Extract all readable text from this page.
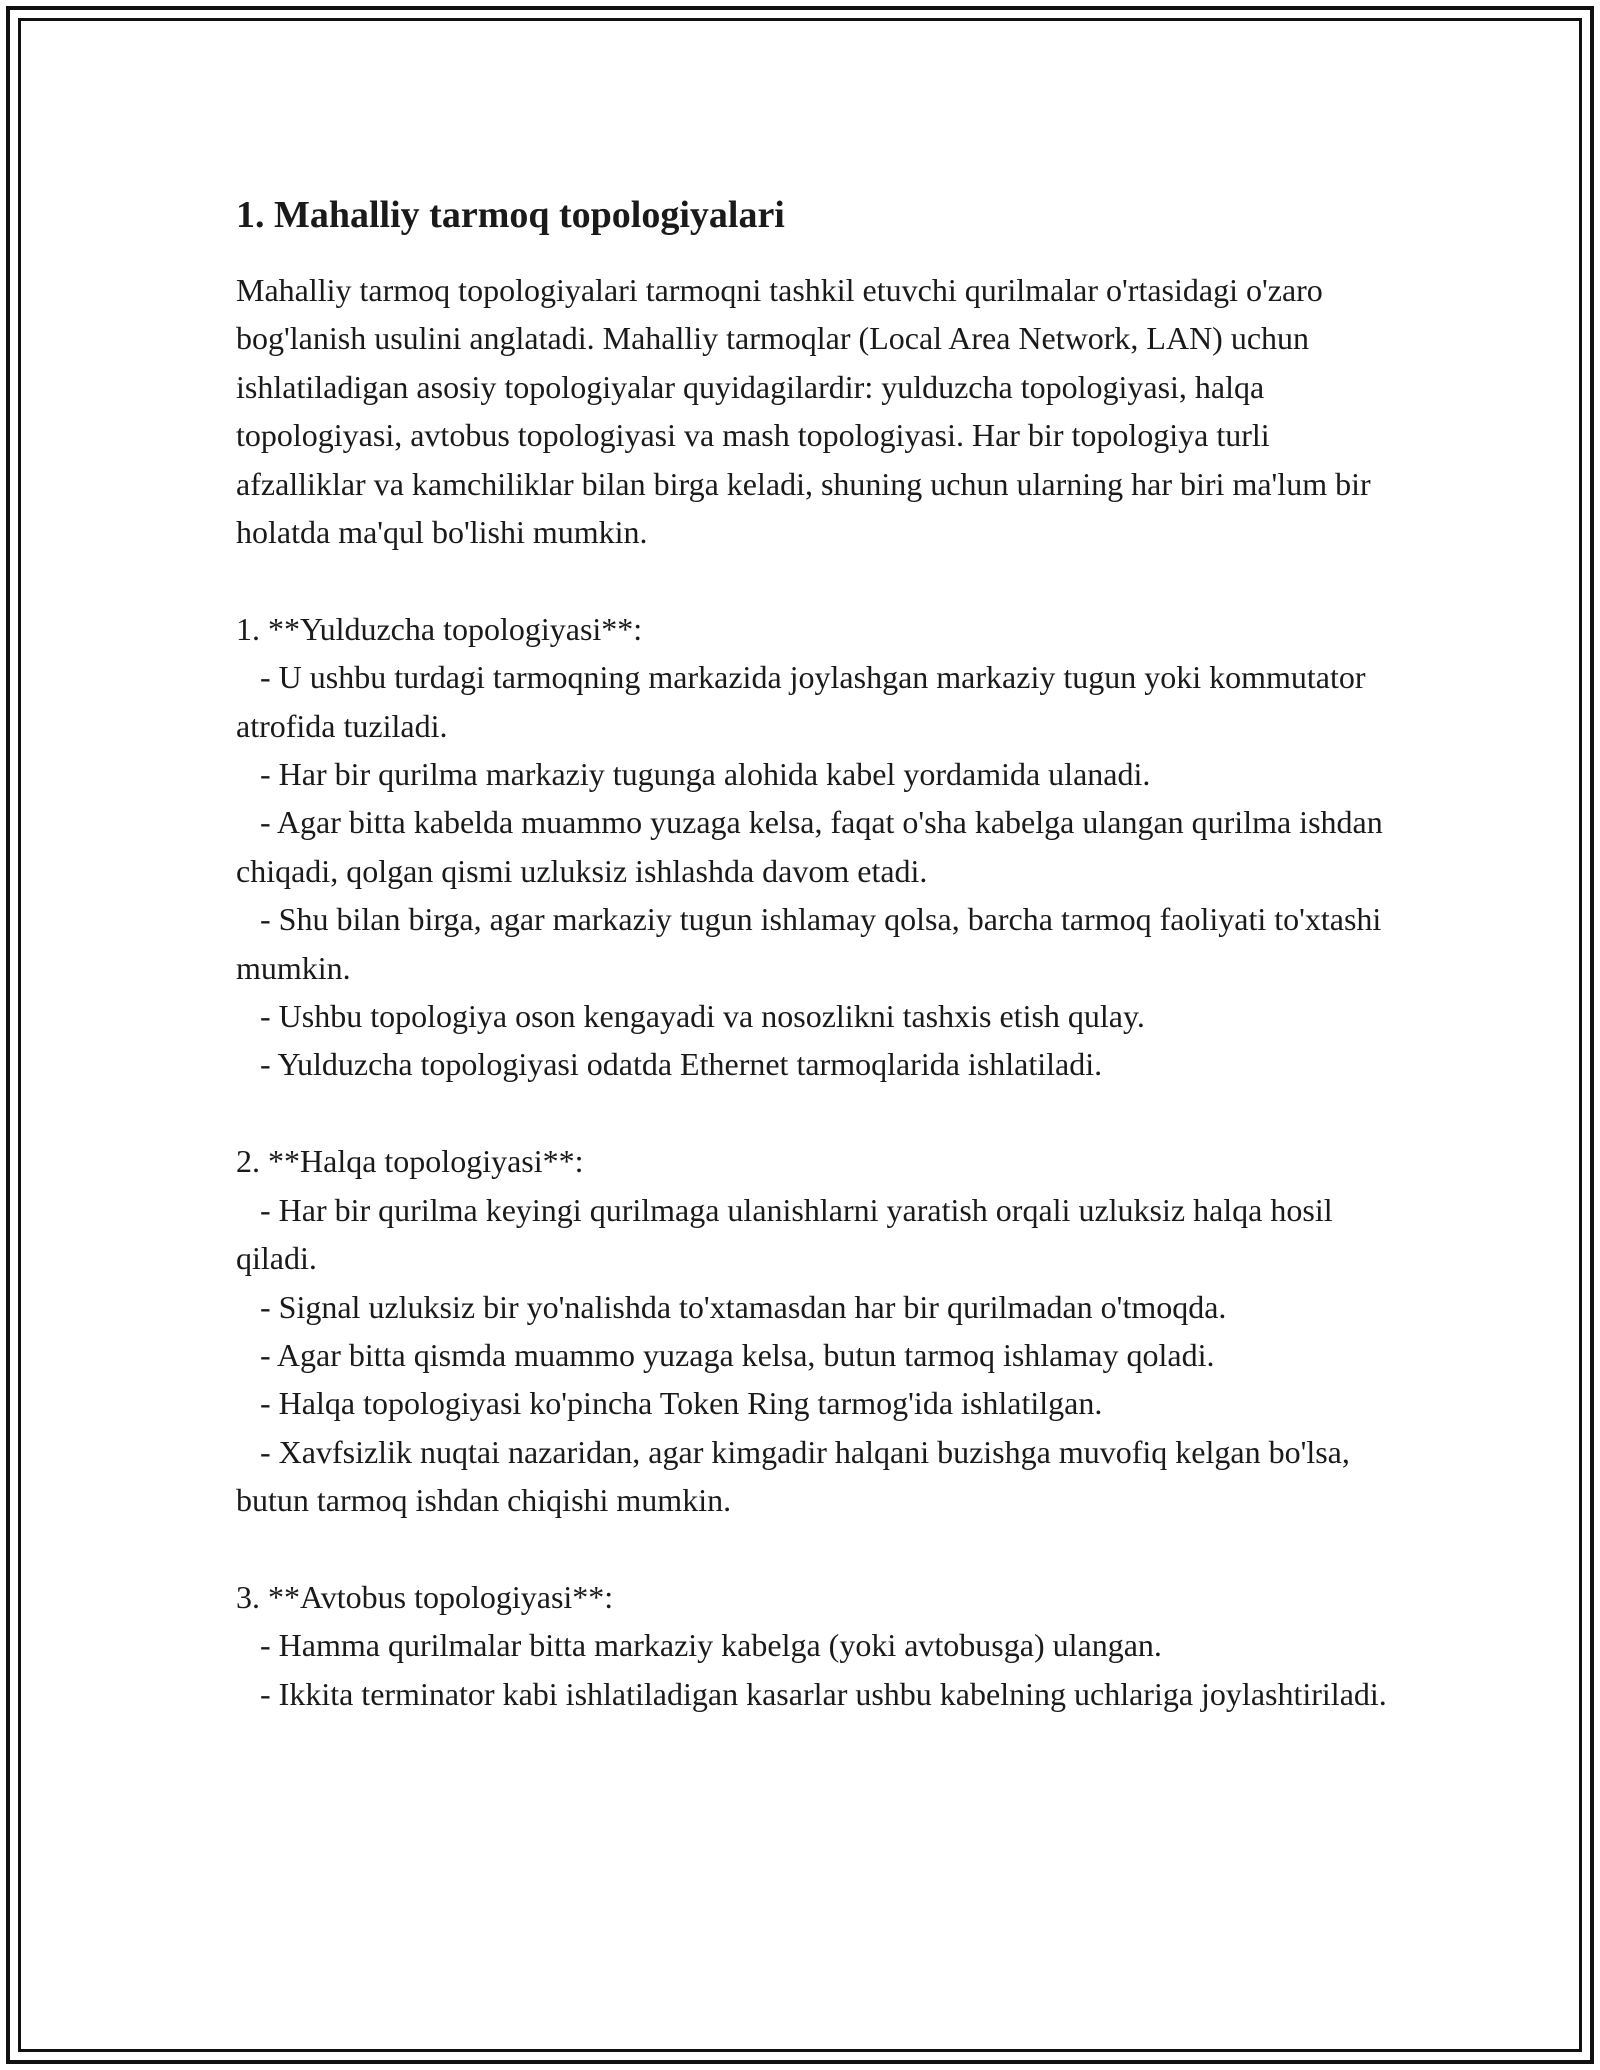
1. Mahalliy tarmoq topologiyalari

Mahalliy tarmoq topologiyalari tarmoqni tashkil etuvchi qurilmalar o'rtasidagi o'zaro bog'lanish usulini anglatadi. Mahalliy tarmoqlar (Local Area Network, LAN) uchun ishlatiladigan asosiy topologiyalar quyidagilardir: yulduzcha topologiyasi, halqa topologiyasi, avtobus topologiyasi va mash topologiyasi. Har bir topologiya turli afzalliklar va kamchiliklar bilan birga keladi, shuning uchun ularning har biri ma'lum bir holatda ma'qul bo'lishi mumkin.

1. **Yulduzcha topologiyasi**:

- U ushbu turdagi tarmoqning markazida joylashgan markaziy tugun yoki kommutator atrofida tuziladi.
- Har bir qurilma markaziy tugunga alohida kabel yordamida ulanadi.
- Agar bitta kabelda muammo yuzaga kelsa, faqat o'sha kabelga ulangan qurilma ishdan chiqadi, qolgan qismi uzluksiz ishlashda davom etadi.
- Shu bilan birga, agar markaziy tugun ishlamay qolsa, barcha tarmoq faoliyati to'xtashi mumkin.
- Ushbu topologiya oson kengayadi va nosozlikni tashxis etish qulay.
- Yulduzcha topologiyasi odatda Ethernet tarmoqlarida ishlatiladi.

2. **Halqa topologiyasi**:

- Har bir qurilma keyingi qurilmaga ulanishlarni yaratish orqali uzluksiz halqa hosil qiladi.
- Signal uzluksiz bir yo'nalishda to'xtamasdan har bir qurilmadan o'tmoqda.
- Agar bitta qismda muammo yuzaga kelsa, butun tarmoq ishlamay qoladi.
- Halqa topologiyasi ko'pincha Token Ring tarmog'ida ishlatilgan.
- Xavfsizlik nuqtai nazaridan, agar kimgadir halqani buzishga muvofiq kelgan bo'lsa, butun tarmoq ishdan chiqishi mumkin.

3. **Avtobus topologiyasi**:

- Hamma qurilmalar bitta markaziy kabelga (yoki avtobusga) ulangan.
- Ikkita terminator kabi ishlatiladigan kasarlar ushbu kabelning uchlariga joylashtiriladi.
